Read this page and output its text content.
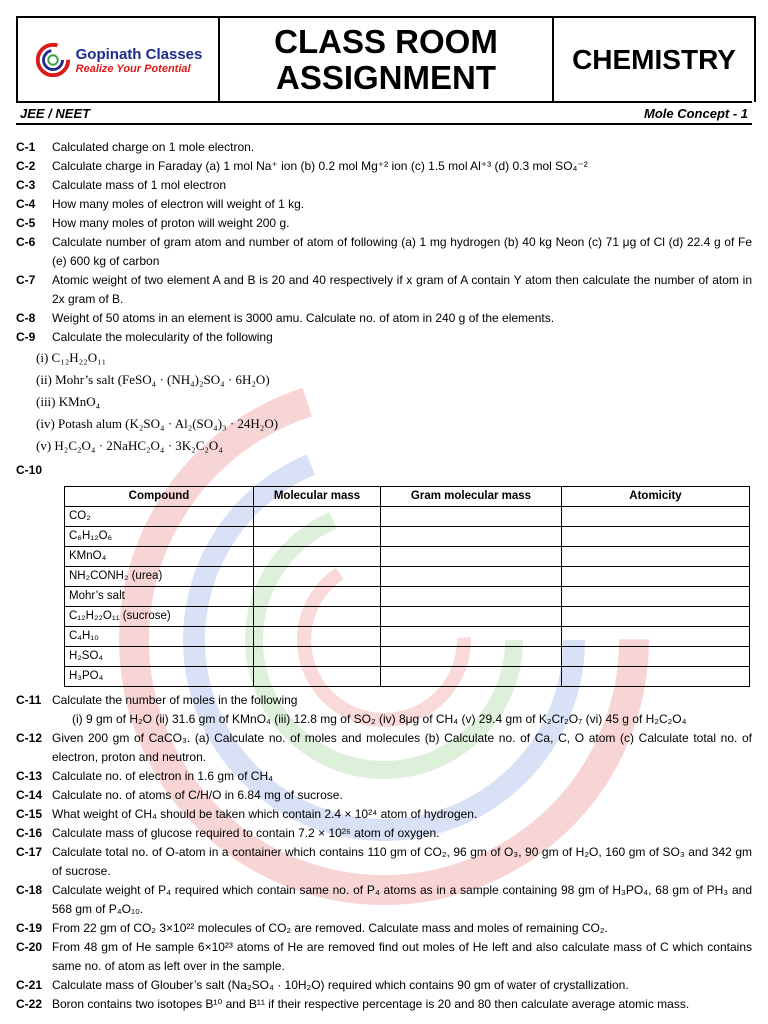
Gopinath Classes
Realize Your Potential
CLASS ROOM
ASSIGNMENT	CHEMISTRY
JEE / NEET	Mole Concept - 1
C-1	Calculated charge on 1 mole electron.
C-2	Calculate charge in Faraday (a) 1 mol Na⁺ ion (b) 0.2 mol Mg⁺² ion (c) 1.5 mol Al⁺³ (d) 0.3 mol SO₄⁻²
C-3	Calculate mass of 1 mol electron
C-4	How many moles of electron will weight of 1 kg.
C-5	How many moles of proton will weight 200 g.
C-6	Calculate number of gram atom and number of atom of following (a) 1 mg hydrogen (b) 40 kg Neon (c) 71 μg of Cl (d) 22.4 g of Fe (e) 600 kg of carbon
C-7	Atomic weight of two element A and B is 20 and 40 respectively if x gram of A contain Y atom then calculate the number of atom in 2x gram of B.
C-8	Weight of 50 atoms in an element is 3000 amu. Calculate no. of atom in 240 g of the elements.
C-9	Calculate the molecularity of the following
(i) C₁₂H₂₂O₁₁
(ii) Mohr’s salt (FeSO₄ · (NH₄)₂SO₄ · 6H₂O)
(iii) KMnO₄
(iv) Potash alum (K₂SO₄ · Al₂(SO₄)₃ · 24H₂O)
(v) H₂C₂O₄ · 2NaHC₂O₄ · 3K₂C₂O₄
C-10
Compound	Molecular mass	Gram molecular mass	Atomicity
CO₂			
C₆H₁₂O₆			
KMnO₄			
NH₂CONH₂ (urea)			
Mohr’s salt			
C₁₂H₂₂O₁₁ (sucrose)			
C₄H₁₀			
H₂SO₄			
H₃PO₄			
C-11 Calculate the number of moles in the following
(i) 9 gm of H₂O (ii) 31.6 gm of KMnO₄ (iii) 12.8 mg of SO₂ (iv) 8μg of CH₄ (v) 29.4 gm of K₂Cr₂O₇ (vi) 45 g of H₂C₂O₄
C-12 Given 200 gm of CaCO₃. (a) Calculate no. of moles and molecules (b) Calculate no. of Ca, C, O atom (c) Calculate total no. of electron, proton and neutron.
C-13 Calculate no. of electron in 1.6 gm of CH₄
C-14 Calculate no. of atoms of C/H/O in 6.84 mg of sucrose.
C-15 What weight of CH₄ should be taken which contain 2.4 × 10²⁴ atom of hydrogen.
C-16 Calculate mass of glucose required to contain 7.2 × 10²⁶ atom of oxygen.
C-17 Calculate total no. of O-atom in a container which contains 110 gm of CO₂, 96 gm of O₃, 90 gm of H₂O, 160 gm of SO₃ and 342 gm of sucrose.
C-18 Calculate weight of P₄ required which contain same no. of P₄ atoms as in a sample containing 98 gm of H₃PO₄, 68 gm of PH₃ and 568 gm of P₄O₁₀.
C-19 From 22 gm of CO₂ 3×10²² molecules of CO₂ are removed. Calculate mass and moles of remaining CO₂.
C-20 From 48 gm of He sample 6×10²³ atoms of He are removed find out moles of He left and also calculate mass of C which contains same no. of atom as left over in the sample.
C-21 Calculate mass of Glouber’s salt (Na₂SO₄ · 10H₂O) required which contains 90 gm of water of crystallization.
C-22 Boron contains two isotopes B¹⁰ and B¹¹ if their respective percentage is 20 and 80 then calculate average atomic mass.
